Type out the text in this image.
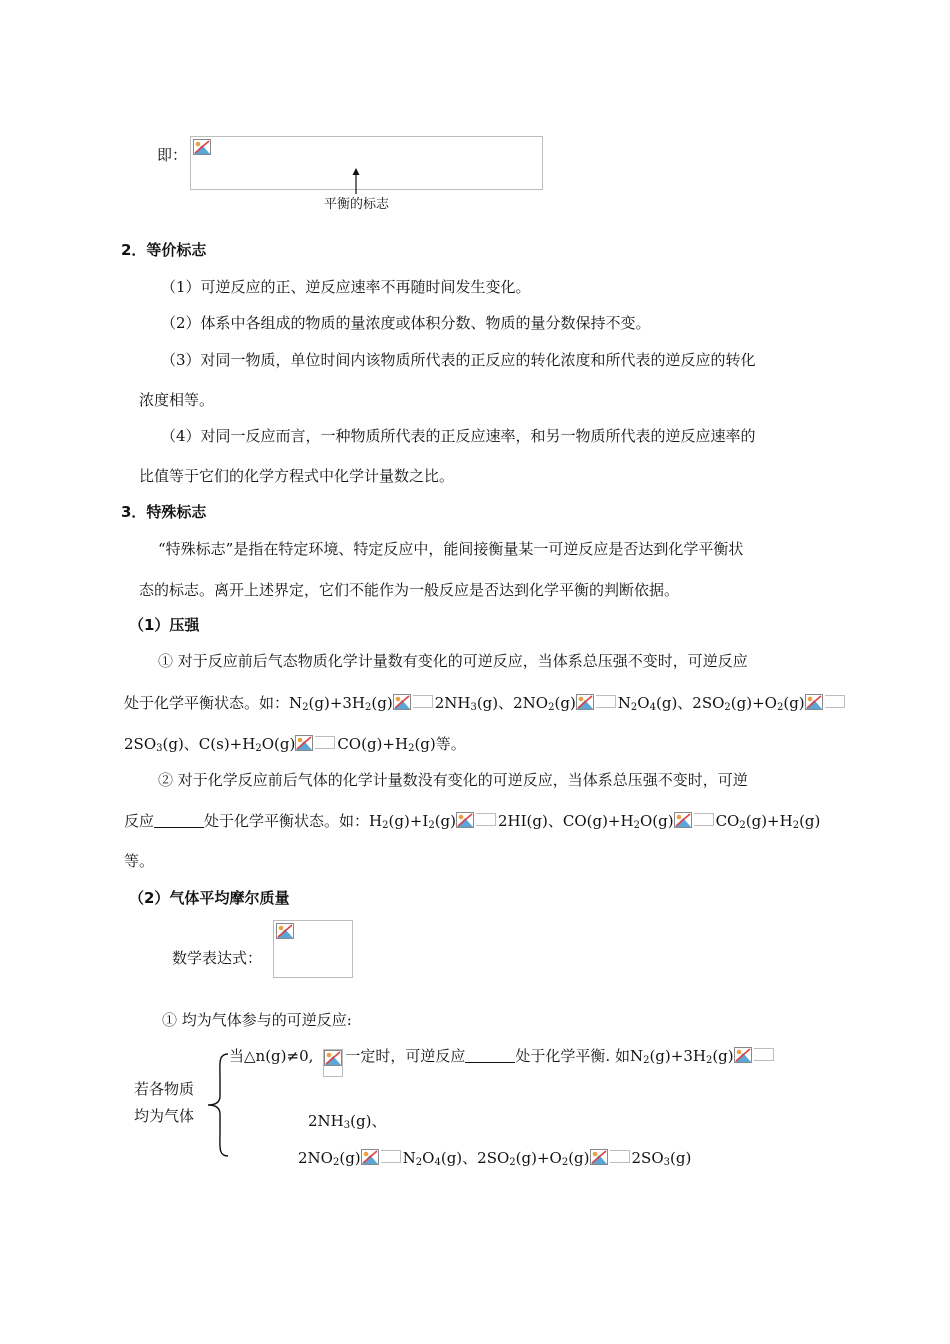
即：
平衡的标志
2．等价标志
（1）可逆反应的正、逆反应速率不再随时间发生变化。
（2）体系中各组成的物质的量浓度或体积分数、物质的量分数保持不变。
（3）对同一物质，单位时间内该物质所代表的正反应的转化浓度和所代表的逆反应的转化
浓度相等。
（4）对同一反应而言，一种物质所代表的正反应速率，和另一物质所代表的逆反应速率的
比值等于它们的化学方程式中化学计量数之比。
3．特殊标志
“特殊标志”是指在特定环境、特定反应中，能间接衡量某一可逆反应是否达到化学平衡状
态的标志。离开上述界定，它们不能作为一般反应是否达到化学平衡的判断依据。
（1）压强
① 对于反应前后气态物质化学计量数有变化的可逆反应，当体系总压强不变时，可逆反应
处于化学平衡状态。如：$N_2(g)+3H_2(g)$	$2NH_3(g)$、$2NO_2(g)$	$N_2O_4(g)$、$2SO_2(g)+O_2(g)$
$2SO_3(g)$、$C(s)+H_2O(g)$	$CO(g)+H_2(g)$等。
② 对于化学反应前后气体的化学计量数没有变化的可逆反应，当体系总压强不变时，可逆
反应	处于化学平衡状态。如：$H_2(g)+I_2(g)$	2HI(g)、$CO(g)+H_2O(g)$	$CO_2(g)+H_2(g)$
等。
（2）气体平均摩尔质量
数学表达式：
① 均为气体参与的可逆反应:
若各物质
均为气体
当△n(g)≠0, 一定时，可逆反应	处于化学平衡. 如$N_2(g)+3H_2(g)$
$2NH_3(g)$、
$2NO_2(g)$	$N_2O_4(g)$、$2SO_2(g)+O_2(g)$	$2SO_3(g)$
